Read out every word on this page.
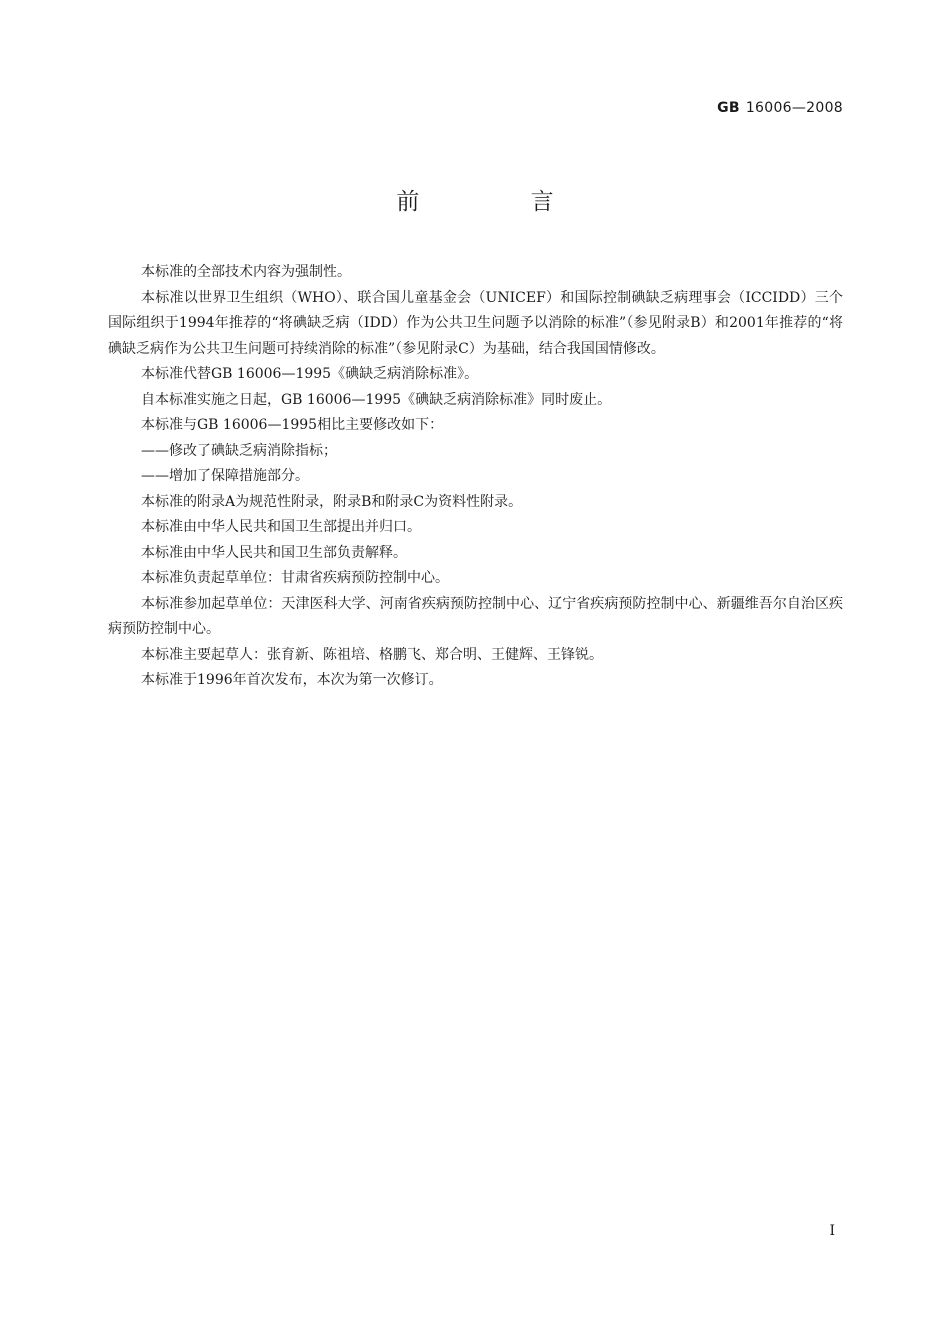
GB 16006—2008
前 言

本标准的全部技术内容为强制性。

本标准以世界卫生组织（WHO）、联合国儿童基金会（UNICEF）和国际控制碘缺乏病理事会（ICCIDD）三个国际组织于1994年推荐的“将碘缺乏病（IDD）作为公共卫生问题予以消除的标准”（参见附录B）和2001年推荐的“将碘缺乏病作为公共卫生问题可持续消除的标准”（参见附录C）为基础，结合我国国情修改。

本标准代替GB 16006—1995《碘缺乏病消除标准》。

自本标准实施之日起，GB 16006—1995《碘缺乏病消除标准》同时废止。

本标准与GB 16006—1995相比主要修改如下：

——修改了碘缺乏病消除指标；

——增加了保障措施部分。

本标准的附录A为规范性附录，附录B和附录C为资料性附录。

本标准由中华人民共和国卫生部提出并归口。

本标准由中华人民共和国卫生部负责解释。

本标准负责起草单位：甘肃省疾病预防控制中心。

本标准参加起草单位：天津医科大学、河南省疾病预防控制中心、辽宁省疾病预防控制中心、新疆维吾尔自治区疾病预防控制中心。

本标准主要起草人：张育新、陈祖培、格鹏飞、郑合明、王健辉、王锋锐。

本标准于1996年首次发布，本次为第一次修订。

I
